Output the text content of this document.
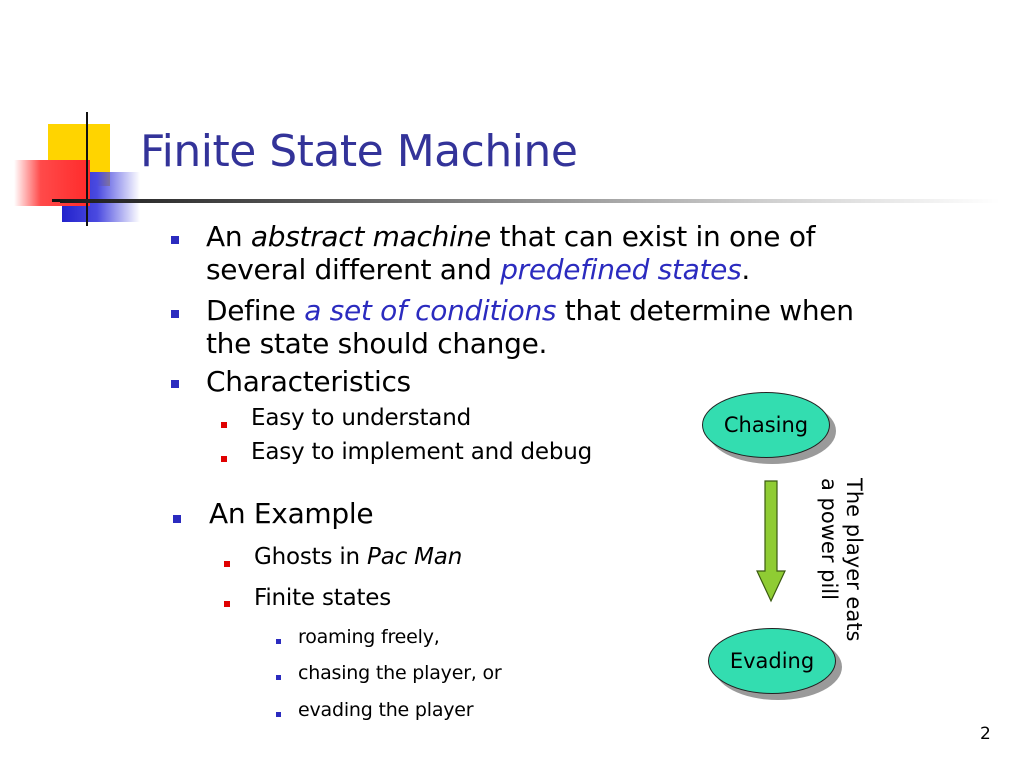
Finite State Machine
An abstract machine that can exist in one of
several different and predefined states.
Define a set of conditions that determine when
the state should change.
Characteristics
Easy to understand
Easy to implement and debug
An Example
Ghosts in Pac Man
Finite states
roaming freely,
chasing the player, or
evading the player
Chasing
Evading
The player eats
a power pill
2
